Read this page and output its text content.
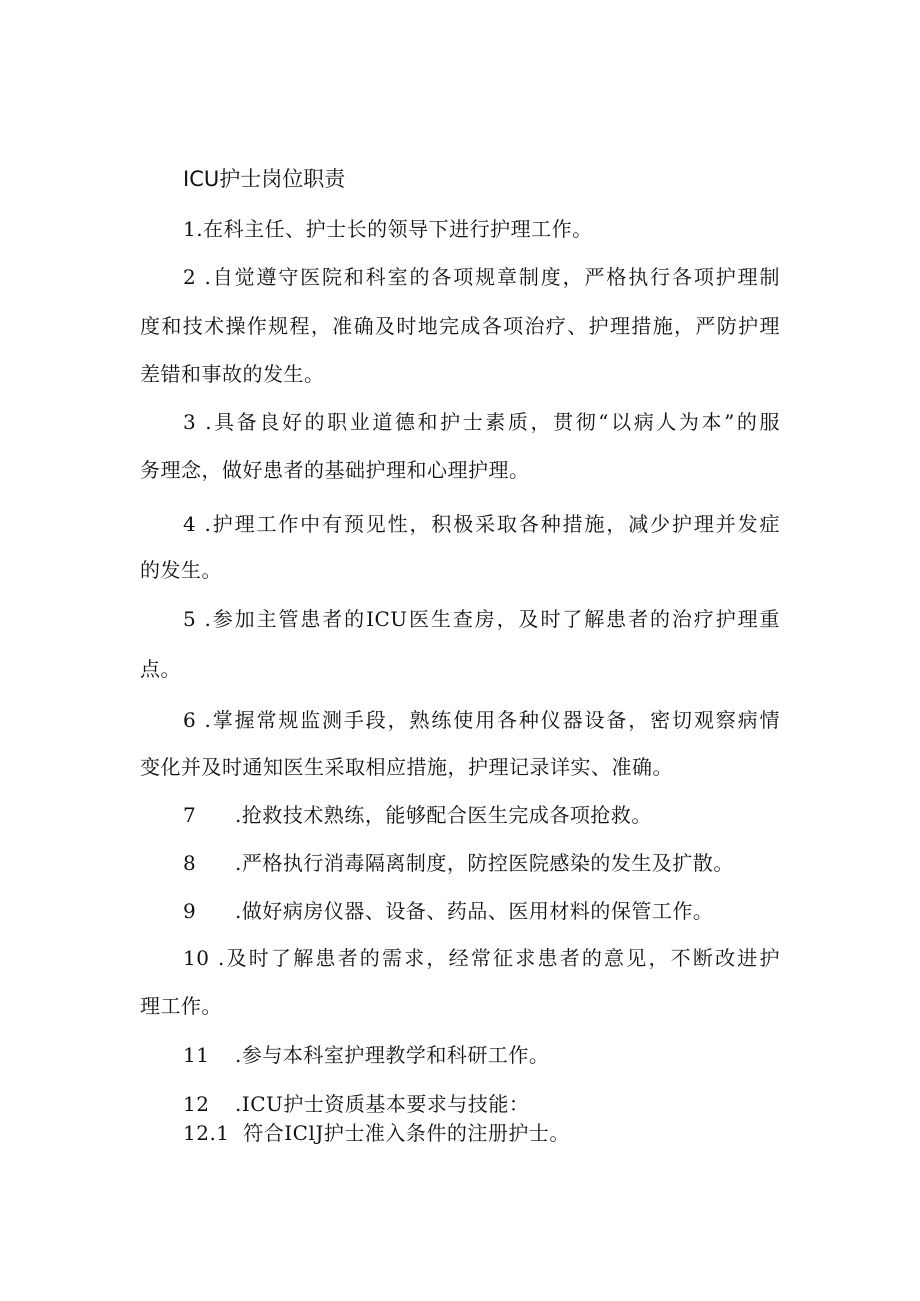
ICU护士岗位职责
1.在科主任、护士长的领导下进行护理工作。
2 .自觉遵守医院和科室的各项规章制度，严格执行各项护理制
度和技术操作规程，准确及时地完成各项治疗、护理措施，严防护理
差错和事故的发生。
3 .具备良好的职业道德和护士素质，贯彻“以病人为本”的服
务理念，做好患者的基础护理和心理护理。
4 .护理工作中有预见性，积极采取各种措施，减少护理并发症
的发生。
5 .参加主管患者的ICU医生查房，及时了解患者的治疗护理重
点。
6 .掌握常规监测手段，熟练使用各种仪器设备，密切观察病情
变化并及时通知医生采取相应措施，护理记录详实、准确。
7 .抢救技术熟练，能够配合医生完成各项抢救。
8 .严格执行消毒隔离制度，防控医院感染的发生及扩散。
9 .做好病房仪器、设备、药品、医用材料的保管工作。
10 .及时了解患者的需求，经常征求患者的意见，不断改进护
理工作。
11 .参与本科室护理教学和科研工作。
12 .ICU护士资质基本要求与技能：
12.1 符合IClJ护士准入条件的注册护士。
